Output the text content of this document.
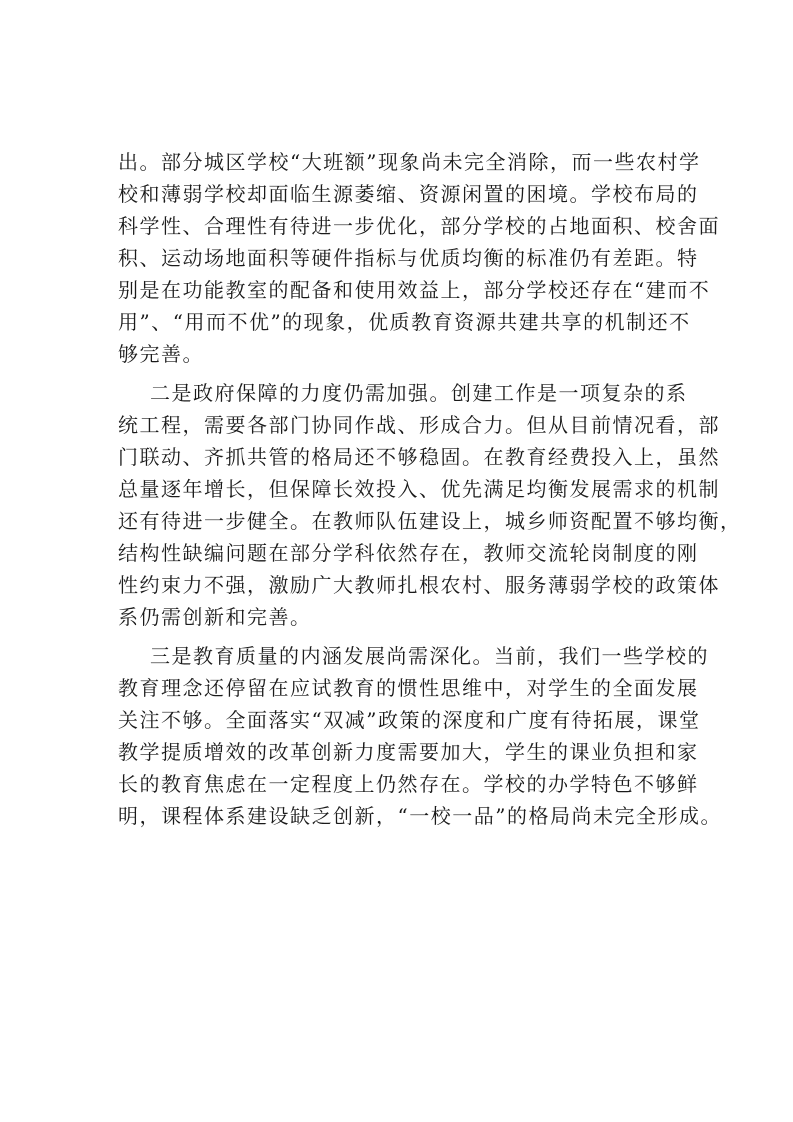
出。部分城区学校“大班额”现象尚未完全消除，而一些农村学
校和薄弱学校却面临生源萎缩、资源闲置的困境。学校布局的
科学性、合理性有待进一步优化，部分学校的占地面积、校舍面
积、运动场地面积等硬件指标与优质均衡的标准仍有差距。特
别是在功能教室的配备和使用效益上，部分学校还存在“建而不
用”、“用而不优”的现象，优质教育资源共建共享的机制还不
够完善。

二是政府保障的力度仍需加强。创建工作是一项复杂的系
统工程，需要各部门协同作战、形成合力。但从目前情况看，部
门联动、齐抓共管的格局还不够稳固。在教育经费投入上，虽然
总量逐年增长，但保障长效投入、优先满足均衡发展需求的机制
还有待进一步健全。在教师队伍建设上，城乡师资配置不够均衡，
结构性缺编问题在部分学科依然存在，教师交流轮岗制度的刚
性约束力不强，激励广大教师扎根农村、服务薄弱学校的政策体
系仍需创新和完善。

三是教育质量的内涵发展尚需深化。当前，我们一些学校的
教育理念还停留在应试教育的惯性思维中，对学生的全面发展
关注不够。全面落实“双减”政策的深度和广度有待拓展，课堂
教学提质增效的改革创新力度需要加大，学生的课业负担和家
长的教育焦虑在一定程度上仍然存在。学校的办学特色不够鲜
明，课程体系建设缺乏创新，“一校一品”的格局尚未完全形成。
